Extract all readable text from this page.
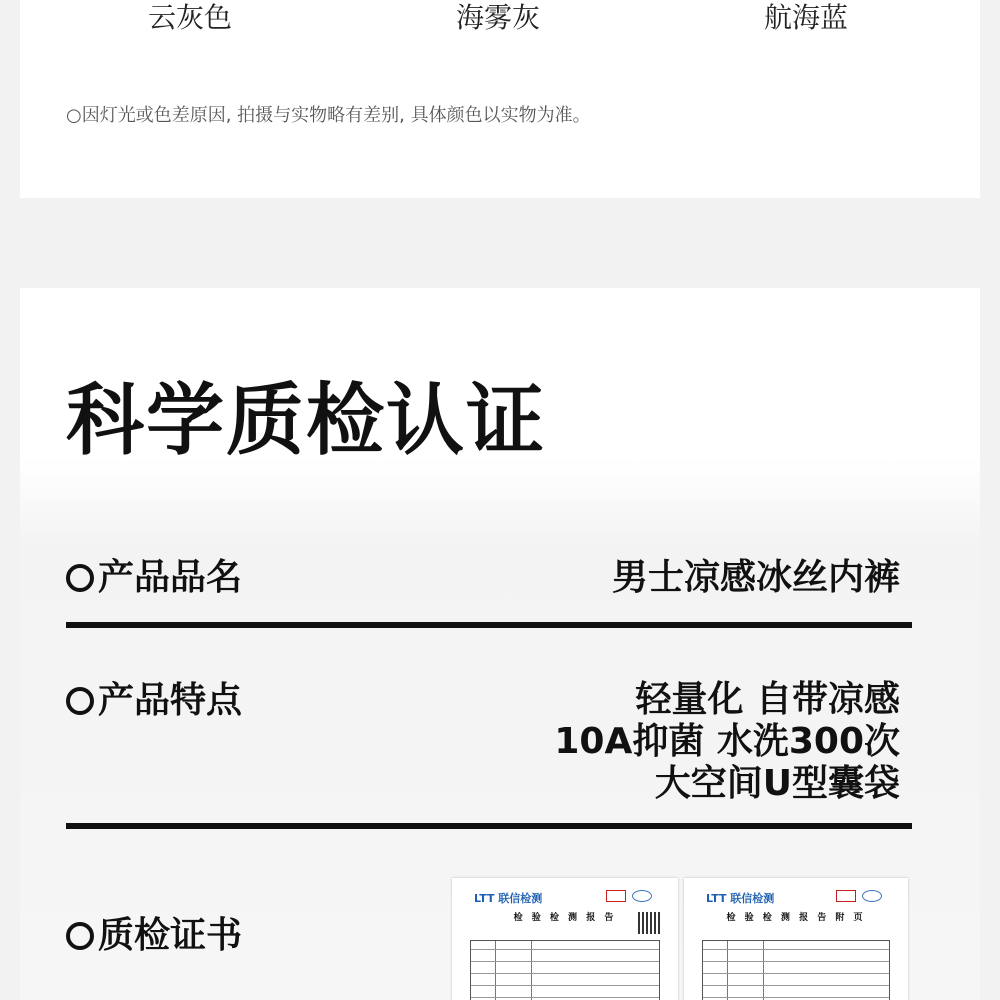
云灰色	海雾灰	航海蓝
○因灯光或色差原因, 拍摄与实物略有差别, 具体颜色以实物为准。
科学质检认证
产品品名	男士凉感冰丝内裤
产品特点	轻量化 自带凉感
10A抑菌 水洗300次
大空间U型囊袋
质检证书
LTT 联信检测
检 验 检 测 报 告
LTT 联信检测
检 验 检 测 报 告 附 页
